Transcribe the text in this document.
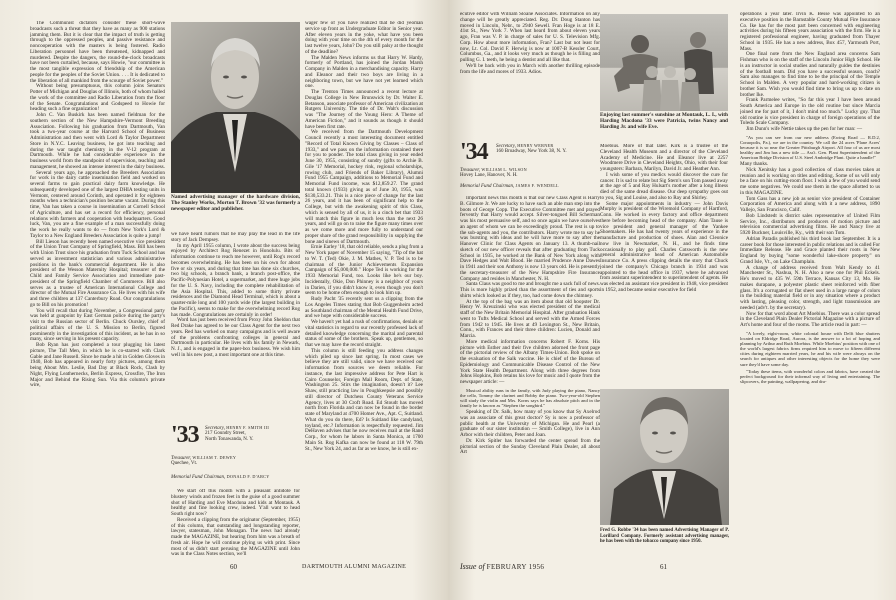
The Communist dictators consider these short-wave broadcasts such a threat that they have as many as 900 stations jamming them. But it is clear that the impact of truth is getting through to the oppressed peoples, and passive resistance and noncooperation with the masters is being fostered. Radio Liberation personnel have been threatened, kidnapped and murdered. Despite the dangers, the round-the-clock broadcasts have not been curtailed, because, says Howie, "our committee is the most tangible expression of friendship of the American people for the peoples of the Soviet Union. . . . It is dedicated to the liberation of all mankind from the scourge of Soviet power."

Without being presumptuous, this column joins Senators Potter of Michigan and Douglas of Illinois, both of whom hailed the work of the committee and Radio Liberation from the floor of the Senate. Congratulations and Godspeed to Howie for heading such a fine organization!

John C. Van Buskirk has been named fieldman for the southern section of the New Hampshire-Vermont Breeding Association. Following his graduation from Dartmouth, Van took a two-year course at the Harvard School of Business Administration and then went with Lord & Taylor Department Store in N.Y.C. Leaving business, he got into teaching and during the war taught chemistry in the V-12 program at Dartmouth. While he had considerable experience in the business world from the standpoint of supervision, teaching and management, he showed an intense interest in the dairy business.

Several years ago, he approached the Breeders Association for work in the dairy cattle insemination field and worked on several farms to gain practical dairy farm knowledge. He subsequently developed one of the largest DHIA testing units in Vermont, centered around Corinth, and operated it for eighteen months when a technician's position became vacant. During this time, Van has taken a course in insemination at Cornell School of Agriculture, and has set a record for efficiency, personal relations with farmers and cooperation with headquarters. Good luck, Van, you are a fine example of a man successfully doing the work he really wants to do — from New York's Lord & Taylor to a New England Breeders Association is quite a jump!

Bill Lieson has recently been named executive vice president of the Union Trust Company of Springfield, Mass. Bill has been with Union Trust since his graduation from Tuck School and has served as investment statistician and various administrative positions in the bank's commercial department. He is also president of the Wesson Maternity Hospital; treasurer of the Child and Family Service Association and immediate past-president of the Springfield Chamber of Commerce. Bill also serves as a trustee of American International College and director of the Mutual Fire Assurance Co. He lives with his wife and three children at 137 Canterbury Road. Our congratulations go to Bill on his promotion!

You will recall that during November, a Congressional party was held at gunpoint by East German police during the party's visit to the Russian sector of Berlin. Chuck Oursley, chief of political affairs of the U. S. Mission to Berlin, figured prominently in the investigation of this incident, as he has in so many, since serving in his present capacity.

Bob Ryan has just completed a tour plugging his latest picture, The Tall Men, in which he is co-starred with Clark Gable and Jane Russell. Since he made a hit in Golden Gloves in 1940, Bob has appeared in nearly forty pictures, among them being About Mrs. Leslie, Bad Day at Black Rock, Clash by Night, Flying Leathernecks, Berlin Express, Crossfire, The Iron Major and Behind the Rising Sun. Via this column's private wire,

Named advertising manager of the hardware division, The Stanley Works, Morton T. Brown '32 was formerly a newspaper editor and publisher.

we have heard rumors that he may play the lead in the life story of Jack Dempsey.

In my April 1955 column, I wrote about the success being enjoyed by Architect Rog Renezet in Honolulu. Bits of information continue to reach me however, until Rog's record becomes overwhelming. He has been on his own for about five or six years, and during that time has done six churches, two big schools, a branch bank, a branch post-office, the Pacific-Polynesian Hotel, a supermarket, and three huge jobs for the U. S. Navy, including the complete rehabilitation of the Asia Hospital. This, added to some thirty private residences and the Diamond Head Terminal, which is about a quarter-mile long and 100 yards wide (the largest building in the Pacific), seems to make for the overwhelming record Rog has made. Congratulations are certainly in order!

Word has just been received from Proxy John Sheldon that Red Drake has agreed to be our Class Agent for the next two years. Red has worked on many campaigns and is well aware of the problems confronting colleges in general and Dartmouth in particular. He lives with his family in Newark, N. J., and is engaged in the paper-box business. We wish him well in his new post, a most important one at this time.

'33 Secretary, HENRY F. SMITH III
217 Goundry Street,
North Tonawanda, N. Y.
Treasurer, WILLIAM T. DEWEY
Quechee, Vt.
Memorial Fund Chairman, DONALD F. D'ARCY

We start off this month with a pleasant antidote for blustery winds and frozen feet in the guise of a good summer shot of Harding and Eve Macdona and kids at Montauk. A healthy and fine looking crew, indeed. Y'all want to head South right now?

Received a clipping from the originator (September, 1955) of this column, that outstanding and longstanding reporter, lawyer, statesman, John Monagan. The news had already made the MAGAZINE, but hearing from him was a breath of fresh air. Hope he will continue plying us with print. Since most of us didn't start perusing the MAGAZINE until John was in the Class Notes section, we'll

wager few of you have realized that he did yeoman service up front as Undergraduate Editor in Senior year. After eleven years in the yoke, what have you been doing with your time on the 4th of every month for the last twelve years, John? Do you still palsy at the thought of the deadline?

The Malden News informs us that Harry W. Hardy, formerly of Portland, has joined the Jordan Marsh Company in Malden in a merchandising capacity. Harry and Eleanor and their two boys are living in a neighboring town, but we have not yet learned which one.

The Trenton Times announced a recent lecture at Douglas College in New Brunswick by Dr. Walter E. Betanson, associate professor of American civilization at Rutgers University. The title of Dr. Walt's discussion was "The Journey of the Young Hero: A Theme of American Fiction," and it sounds as though it should have been first rate.

We received from the Dartmouth Development Council recently a most interesting document entitled "Record of Total Known Giving by Classes – Class of 1933," and we pass on the information contained there for you to ponder. The total class giving in year ended June 30, 1955, consisting of sundry (gifts to Archie B. Gile '17 Memorial, hockey rink, regional scholarships, rowing club, and Friends of Baker Library), Alumni Fund 1955 Campaign, additions to Memorial Fund and Memorial Fund income, was $12,859.27. The grand total known (1933) giving as of June 30, 1955, was $130,533.21. This is a nice piece of change for the last 26 years, and it has been of significant help to the College, but with the awakening spirit of this Class, which is sensed by all of us, it is a cinch bet that 1933 will match this figure in much less than the next 26 years, and will go on to raise the figure many times over as we come more and more fully to understand our proper share of the grand responsibility in supplying the bone and sinews of Dartmouth.

Ernie Earley '18, that old reliable, sends a plug from a New York paper of November 15 saying, "Tip of the hat to W. T. (Ted) Okie, J. M. Mathes, V. P. Ted is to be chairman of the Junior Achievements Expansion Campaign of $5,000,000." Hope Ted is working for the 1933 Memorial Fund, too. Looks like he's our boy. Incidentally, Okie, Don Phinney is a neighbor of yours in Darien, if you didn't know it, even though you don't seem to be home often enough to look him up.

Rudy Pacht '35 recently sent us a clipping from the Los Angeles Times stating that Bob Guggenheim acted as Southland chairman of the Mental Health Fund Drive, and we hope with considerable success.

We haven't yet had a rush of confirmations, denials or vital statistics in regard to our recently professed lack of detailed knowledge concerning the marital and parental status of some of the brothers. Speak up, gentlemen, so that we may have the record straight.

This column is still feeding you address changes which piled up since last spring. In most cases we believe they are still valid, since we have received our information from sources we deem reliable. For instance, the last impressive address for Pete Hart is Cairo Counselor, Foreign Mail Room, Dept. of State, Washington 25. Stirs the imagination, doesn't it? Lee Shaw, still practicing law in Poughkeepsie and possibly still director of Dutchess County Veterans Service Agency, lives at 30 Croft Road. Ed Stoudt has moved north from Florida and can now be found in the border state of Maryland at 4700 Homer Ave., Apt. C, Suitland. What do you do there, Ed? Is Suitland like candyland, toyland, etc.? Information is respectfully requested. Jim DeHaven advises that he now receives mail at the Rand Corp., for whom he labors in Santa Monica, at 1700 Main St. Rog Kafka can now be found at 118 W. 79th St., New York 24, and as far as we know, he is still ex-

60	DARTMOUTH ALUMNI MAGAZINE

ecutive editor with William Sloane Associates. Information on any change will be greatly appreciated. Reg. Dr. Doug Stanton has moved in Lincoln, Nebr., to 2940 Sewell. Fran Hoge is at 18 E. 41st St., New York 7. When last heard from about eleven years ago, Fran was V. P. in charge of sales for U. S. Television Mfg. Corp. How about more information, Fran? Last but not least for now, Lt. Col. David F. Herwig is now at 1007-B Kessler Court, Columbus, Ga., and it looks very much as though he is filling and pulling G. I. teeth, he being a dentist and all like that.

We'll be back with you in March with another thrilling episode from the life and mores of 1933. Adios.

'34 Secretary, HENRY WERNER
160 Broadway, New York 38, N. Y.
Treasurer, WILLIAM L. WILSON
Hovey Lane, Hanover, N. H.
Memorial Fund Chairman, JAMES F. WENDELL

Important news this month is that our new Class Agent is Harry B. Gilmore Jr. We are lucky to have such an able man step into the boots of George Copp. The Executive Committee met and prayed fervently that Harry would accept. Silver-tongued Bill Scherman was his most persuasive self, and so once again we have ourselves an agent of whom we can be exceedingly proud. The rest is up to the sub-agents and you, the contributors. Harry wrote me to say he was bursting with ideas and he will have more to say after the Hanover Clinic for Class Agents on January 13. A thumb-nail sketch of our new officer reveals that after graduating from Tuck School in 1935, he worked at the Bank of New York along with Dave Hedges and Walt Blood. He married Prudence Anne Dawes in 1941 and their son Anthony is now 13 years old. He is presently the secretary-treasurer of the New Hampshire Fire Insurance Company and resides in Manchester, N. H.

Santa Claus was good to me and brought me a sack full of news. This is more highly prized than the assortment of ties and sports shirts which looked as if they, too, had come down the chimney.

At the top of the bag was an item about that old hoopster Dr. Henry W. Kreuzinski who was elected president of the medical staff of the New Britain Memorial Hospital. After graduation Hank went to Tufts Medical School and served with the Armed Forces from 1942 to 1945. He lives at 49 Lexington St., New Britain, Conn., with Frances and their three children: Lucien, Donald and Marcia.

More medical information concerns Robert F. Korns. His picture with Esther and their five children adorned the front page of the pictorial review of the Albany Times-Union. Bob spoke on the evaluation of the Salk vaccine. He is chief of the Bureau of Epidemiology and Communicable Disease Control of the New York State Health Department. Along with three degrees from Johns Hopkins, Bob retains his love for music and I quote from the newspaper article: —

Musical ability runs in the family, with Judy playing the piano, Nancy the cello, Tommy the clarinet and Bobby the piano. Two-year-old Stephen will study the violin and Mrs. Korns says he has absolute pitch and in the family he is known as "Stephen the songbird."

Speaking of Dr. Salk, how many of you know that Sy Axelrod was an associate of this great doctor? Sy is now a professor of public health at the University of Michigan. He and Pearl (a graduate of our sister institution — Smith College), live in Ann Arbor with their children, Peter and Joan.

Dr. Kirk Spitler has forwarded the center spread from the pictorial section of the Sunday Cleveland Plain Dealer, all about Art

Enjoying last summer's sunshine at Montauk, L. I., with Harding Macdona '33 were Patricia, twins Nancy and Harding Jr. and wife Eve.

Moebius. More of that later. Kirk is a trustee of the Cleveland Health Museum and a director of the Cleveland Academy of Medicine. He and Eleanor live at 2257 Woodmere Drive in Cleveland Heights, Ohio, with their four youngsters: Barbara, Marilyn, David Jr. and Heather Ann.

I wish some of you medics would discover the cure for cancer. It is sad to relate but Sig Stern's son Tom passed away at the age of 5 and Ray Hulsart's mother after a long illness died of the same dread disease. Our deep sympathy goes out to you, Sig and Louise, and also to Ray and Shirley.

Some major appointments in industry — John Davis Murphy is president of the Wiremold Company of Hartford, Conn. He worked in every factory and office department there before becoming head of the company. Alan Tause is vice president and general manager of the Yankee Shoemakers. He has had twenty years of experience in the manufacture and production of shoes. Alan and Cleonice now live in Newmarket, N. H., and he finds time occasionally to play golf. Charles Cotsworth is the new general administrative head of American Automobile Insurance Co. A press clipping details the story that Chuck joined the company's Chicago branch in 1934 and was appointed to the head office in 1937, where he advanced from assistant superintendent to superintendent of agents. He was elected an assistant vice president in 1948, vice president in 1952, and became senior executive for field

Fred G. Robbe '34 has been named Advertising Manager of P. Lorillard Company. Formerly assistant advertising manager, he has been with the tobacco company since 1950.

operations a year later. Irvin K. Besse was appointed to an executive position in the Barnstable County Mutual Fire Insurance Co. Ike has for the most part been concerned with engineering activities during his fifteen years association with the firm. He is a registered professional engineer, having graduated from Thayer School in 1935. He has a new address, Box 457, Yarmouth Port, Mass.

One final note from the New England area concerns Sam Fishman who is on the staff of the Lincoln Junior High School. He is an instructor in social studies and naturally guides the destinies of the football team. Did you have a successful season, coach? Sam also manages to find time to be the principal of the Temple School in Malden. A very popular and hard-working citizen is brother Sam. Wish you would find time to bring us up to date on brother Ike.

Frank Parmelee writes, "So far this year I have been around South America and Europe in the old routine but since Marcia joined me for part of it, I don't mind too much." Lucky guy. That old routine is vice president in charge of foreign operations of the Toledo Scale Company.

Jim Dunn's wife Nettie takes up the pen for her man: —

"As you can see from our new address (Ewing Road — R.D.2, Coraopolis, Pa.), we are in the country. We call the 24 acres 'Plane Acres' because it is so near the Greater Pittsburgh Airport. All four of us are most healthy and Jim has a new title — Ass't. Gen. Plant Superintendent of the American Bridge Division of U.S. Steel Ambridge Plant. Quite a handle!"

Many thanks.

Nick Xenitsky has a good collection of class movies taken at reunion and is working on titles and editing. Some of us will only be a face on his cutting-room floor. I wish a few of you would send me some negatives. We could use them in the space allotted to us in this MAGAZINE.

Tom Gass has a new job as senior vice president of Container Corporation of America and along with it a new address, 1890 Vallejo, San Francisco, Calif.

Bob Lindstedt is district sales representative of United Film Service, Inc., distributors and producers of motion picture and television commercial advertising films. He and Nancy live at 5920 Buckner, Louisville, Ky., with their son Tom.

Adrian Paradis published his third book last September. It is a career book for those interested in public relations and is called For Immediate Release. He and Grace planted their roots in New England by buying "some wonderful lake-shore property" on Grand Isle, Vt., on Lake Champlain.

A change of address received from Walt Kendy to 41 Manchester St., Nashua, N. H. Also a new one for Phil Eckels. He's moved to 435 W. 59th Terrace, Kansas City 13, Mo. He makes durapane, a polyester plastic sheet reinforced with fiber glass. It's a corrugated or flat sheet used in a large range of colors in the building material field or in any situation where a product with lasting, pleasing color, strength, and light transmission are needed (adv't. by the secretary).

Now for that word about Art Moebius. There was a color spread in the Cleveland Plain Dealer Pictorial Magazine with a picture of Art's home and four of the rooms. The article read in part: —

"A lovely, eight-room, white colonial house with Delft blue shutters located on Eldridge Road, Aurora, is the answer to a lot of hoping and planning by Arthur and Ruth Moebius. While Moebius' position with one of the world's largest fabrics firms required him to move to fifteen different cities during eighteen married years, he and his wife were always on the search for antiques and other interesting objects for the home they were sure they'd have some day.

"Today these items, with wonderful colors and fabrics, have created the perfect background for their informal way of living and entertaining. The slipcovers, the painting, wallpapering, and dra-

Issue of FEBRUARY 1956	61
